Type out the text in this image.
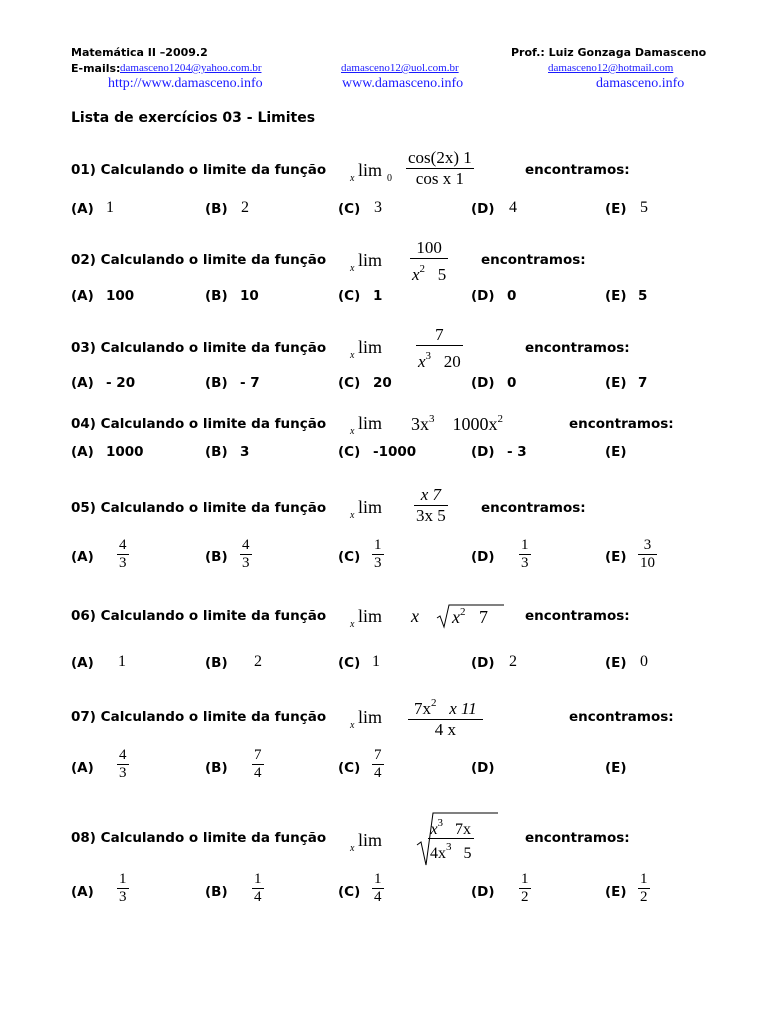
Matemática II –2009.2	Prof.: Luiz Gonzaga Damasceno
E-mails: damasceno1204@yahoo.com.br	damasceno12@uol.com.br	damasceno12@hotmail.com
http://www.damasceno.info	www.damasceno.info	damasceno.info
Lista de exercícios 03 - Limites
01) Calculando o limite da função lim
x	0
cos(2x) 1
cos x 1	encontramos:
(A) 1	(B) 2	(C) 3	(D) 4	(E) 5
02) Calculando o limite da função lim
x
100
$x^2$ 5
encontramos:
(A) 100	(B) 10	(C) 1	(D) 0	(E) 5
03) Calculando o limite da função lim
x
7
$x^3$ 20
encontramos:
(A) - 20	(B) - 7	(C) 20	(D) 0	(E) 7
04) Calculando o limite da função lim
x	$3x^3$ $1000x^2$	encontramos:
(A) 1000	(B) 3	(C) -1000	(D) - 3	(E)
05) Calculando o limite da função lim
x
x 7
3x 5	encontramos:
(A)
4
3	(B)
4
3	(C)
1
3	(D)
1
3	(E)
3
10
06) Calculando o limite da função lim
x	x $x^2$ 7	encontramos:
(A) 1	(B) 2	(C) 1	(D) 2	(E) 0
07) Calculando o limite da função lim
x
$7x^2$ x 11
4 x
encontramos:
(A)
4
3	(B)
7
4	(C)
7
4	(D)	(E)
08) Calculando o limite da função lim
x
$x^3$ 7x
$4x^3$ 5
encontramos:
(A)
1
3	(B)
1
4	(C)
1
4	(D)
1
2	(E)
1
2
